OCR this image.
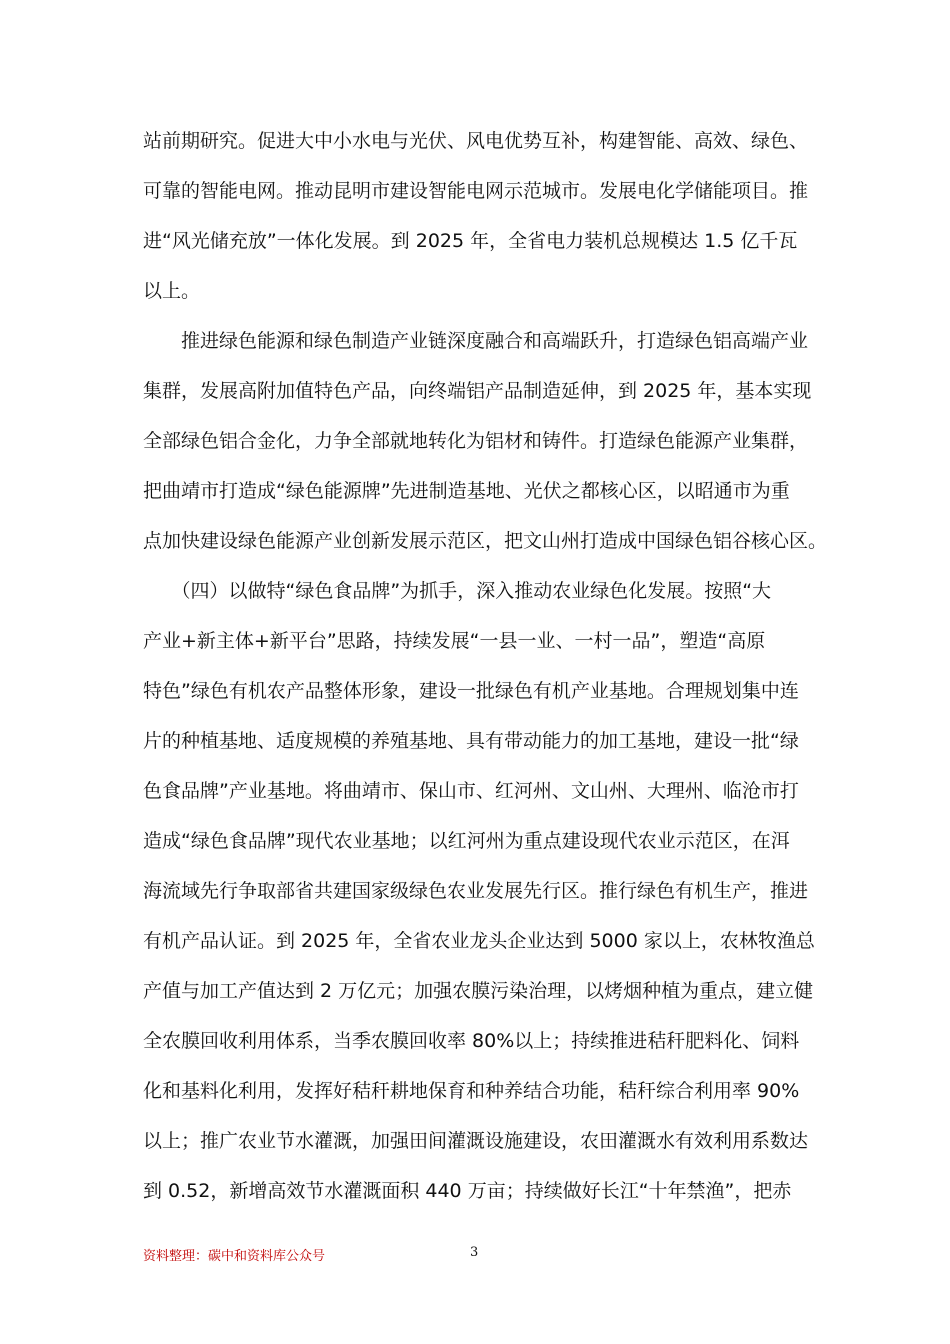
站前期研究。促进大中小水电与光伏、风电优势互补，构建智能、高效、绿色、
可靠的智能电网。推动昆明市建设智能电网示范城市。发展电化学储能项目。推
进“风光储充放”一体化发展。到 2025 年，全省电力装机总规模达 1.5 亿千瓦
以上。
　　推进绿色能源和绿色制造产业链深度融合和高端跃升，打造绿色铝高端产业
集群，发展高附加值特色产品，向终端铝产品制造延伸，到 2025 年，基本实现
全部绿色铝合金化，力争全部就地转化为铝材和铸件。打造绿色能源产业集群，
把曲靖市打造成“绿色能源牌”先进制造基地、光伏之都核心区，以昭通市为重
点加快建设绿色能源产业创新发展示范区，把文山州打造成中国绿色铝谷核心区。
　　（四）以做特“绿色食品牌”为抓手，深入推动农业绿色化发展。按照“大
产业+新主体+新平台”思路，持续发展“一县一业、一村一品”，塑造“高原
特色”绿色有机农产品整体形象，建设一批绿色有机产业基地。合理规划集中连
片的种植基地、适度规模的养殖基地、具有带动能力的加工基地，建设一批“绿
色食品牌”产业基地。将曲靖市、保山市、红河州、文山州、大理州、临沧市打
造成“绿色食品牌”现代农业基地；以红河州为重点建设现代农业示范区，在洱
海流域先行争取部省共建国家级绿色农业发展先行区。推行绿色有机生产，推进
有机产品认证。到 2025 年，全省农业龙头企业达到 5000 家以上，农林牧渔总
产值与加工产值达到 2 万亿元；加强农膜污染治理，以烤烟种植为重点，建立健
全农膜回收利用体系，当季农膜回收率 80%以上；持续推进秸秆肥料化、饲料
化和基料化利用，发挥好秸秆耕地保育和种养结合功能，秸秆综合利用率 90%
以上；推广农业节水灌溉，加强田间灌溉设施建设，农田灌溉水有效利用系数达
到 0.52，新增高效节水灌溉面积 440 万亩；持续做好长江“十年禁渔”，把赤
资料整理：碳中和资料库公众号	3
